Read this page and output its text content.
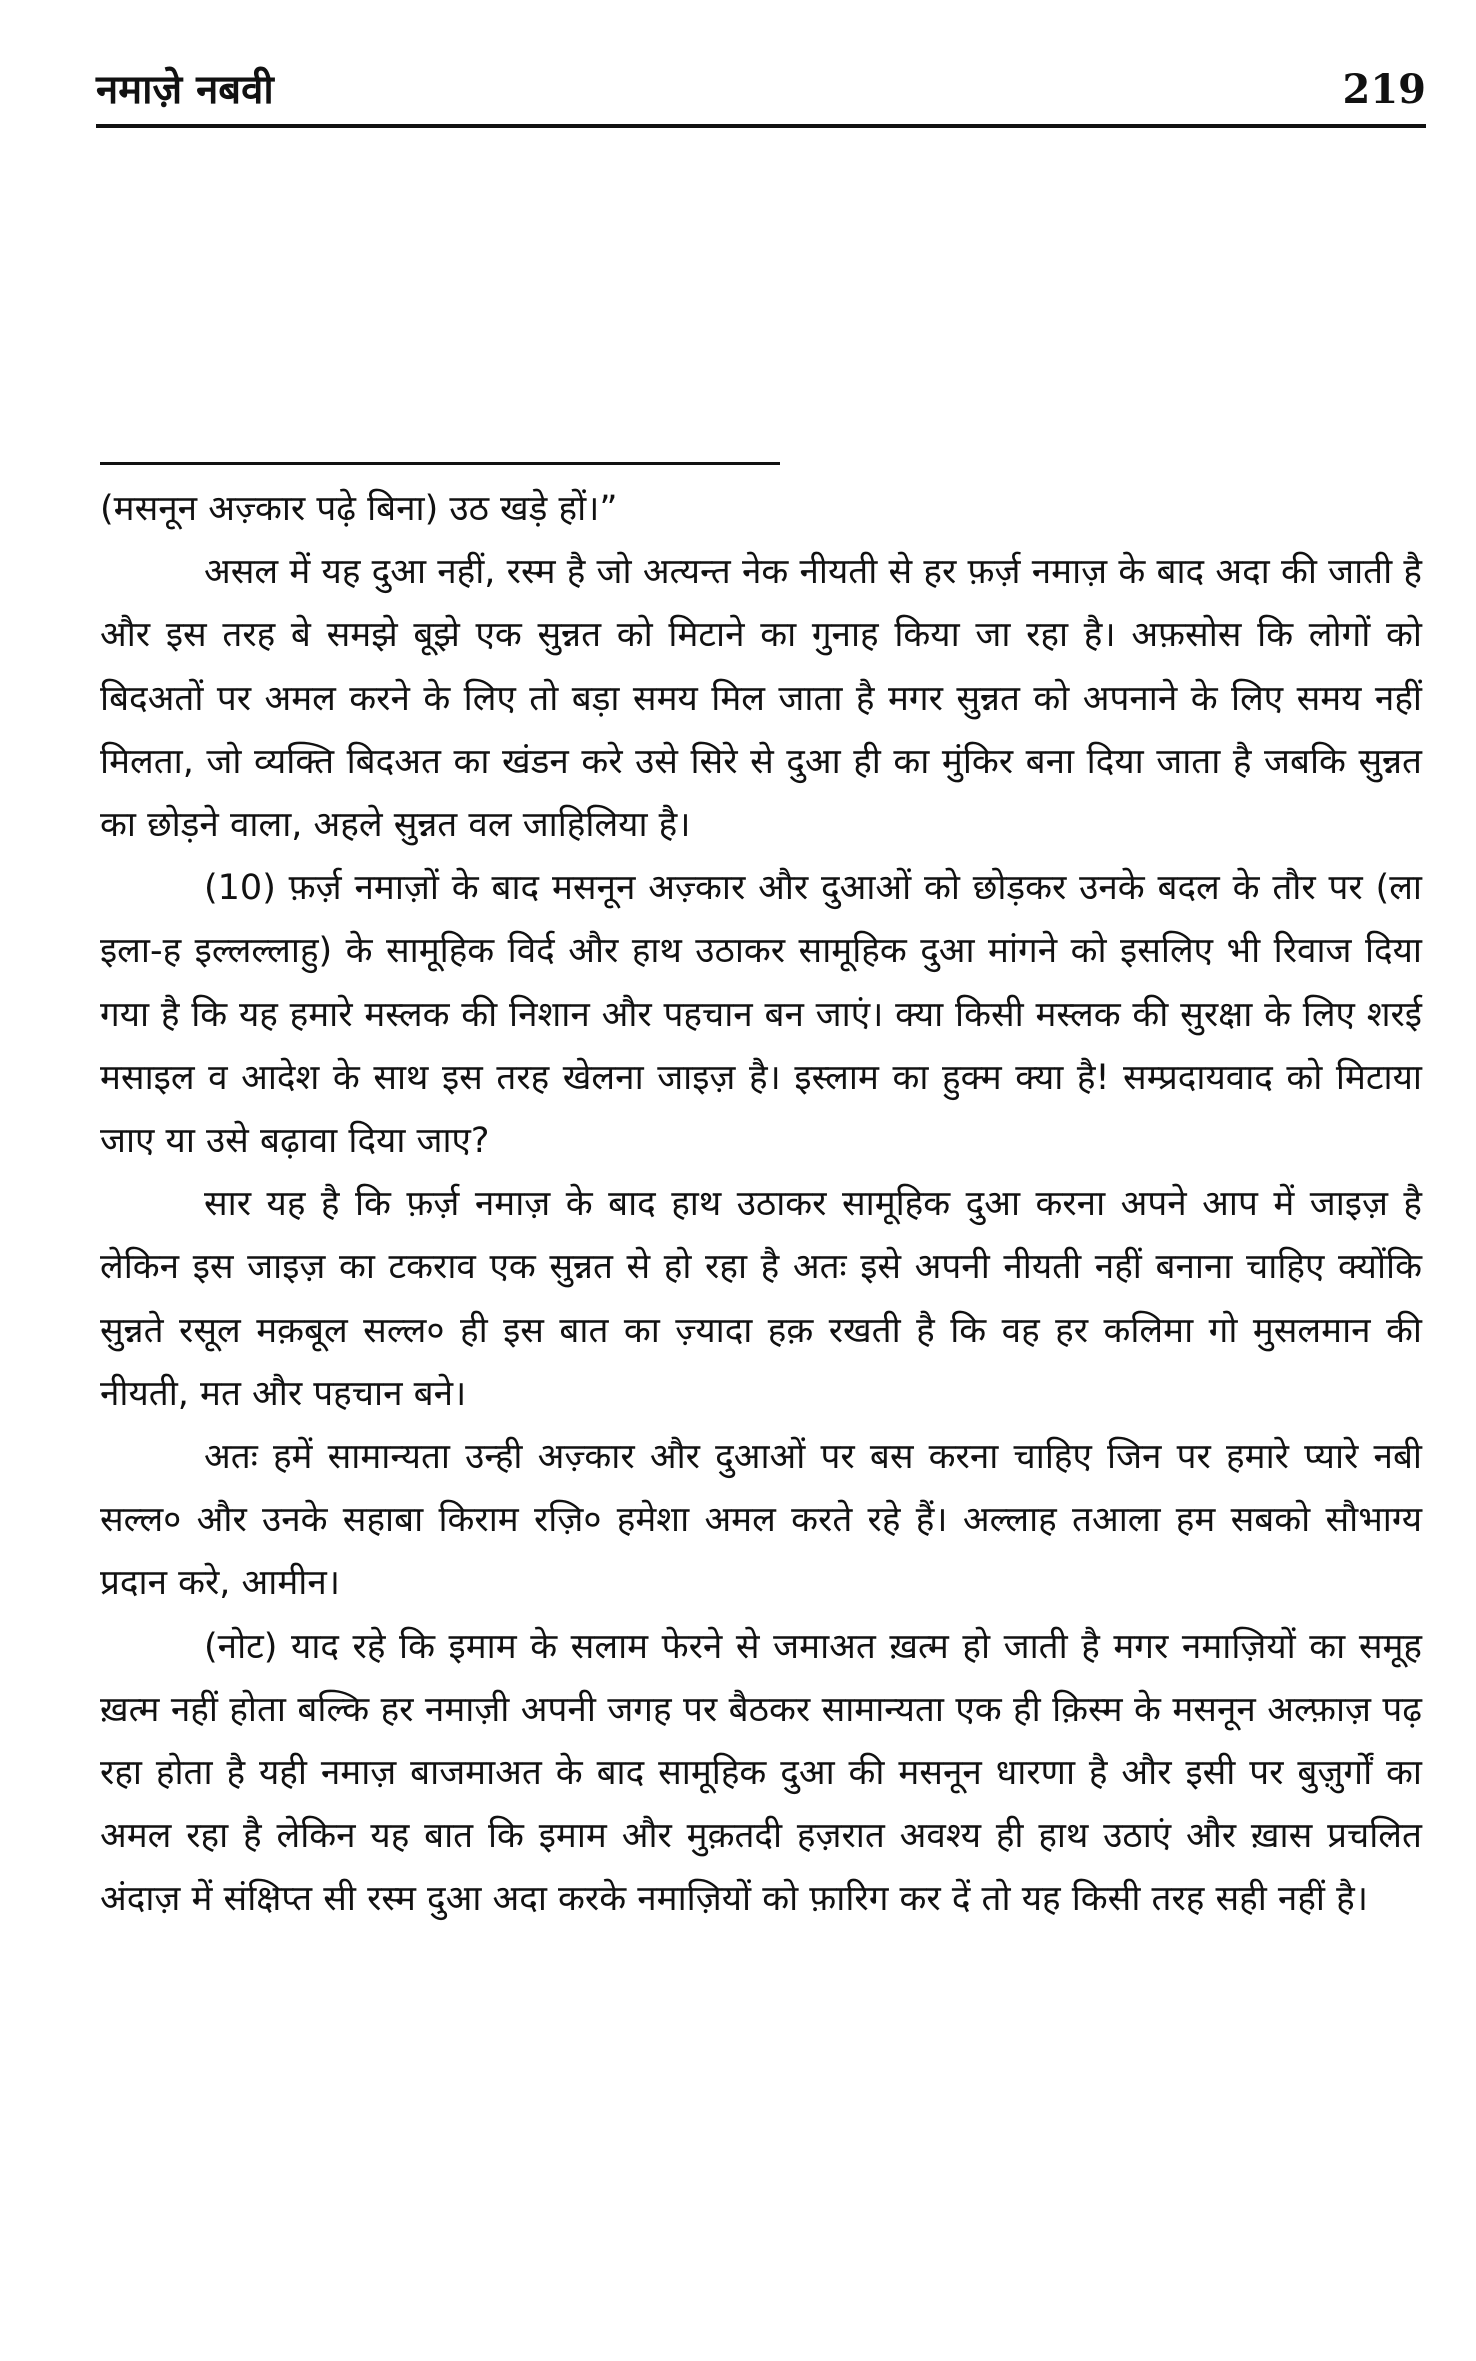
नमाज़े नबवी	219

(मसनून अज़्कार पढ़े बिना) उठ खड़े हों।”

असल में यह दुआ नहीं, रस्म है जो अत्यन्त नेक नीयती से हर फ़र्ज़ नमाज़ के बाद अदा की जाती है और इस तरह बे समझे बूझे एक सुन्नत को मिटाने का गुनाह किया जा रहा है। अफ़सोस कि लोगों को बिदअतों पर अमल करने के लिए तो बड़ा समय मिल जाता है मगर सुन्नत को अपनाने के लिए समय नहीं मिलता, जो व्यक्ति बिदअत का खंडन करे उसे सिरे से दुआ ही का मुंकिर बना दिया जाता है जबकि सुन्नत का छोड़ने वाला, अहले सुन्नत वल जाहिलिया है।

(10) फ़र्ज़ नमाज़ों के बाद मसनून अज़्कार और दुआओं को छोड़कर उनके बदल के तौर पर (ला इला-ह इल्लल्लाहु) के सामूहिक विर्द और हाथ उठाकर सामूहिक दुआ मांगने को इसलिए भी रिवाज दिया गया है कि यह हमारे मस्लक की निशान और पहचान बन जाएं। क्या किसी मस्लक की सुरक्षा के लिए शरई मसाइल व आदेश के साथ इस तरह खेलना जाइज़ है। इस्लाम का हुक्म क्या है! सम्प्रदायवाद को मिटाया जाए या उसे बढ़ावा दिया जाए?

सार यह है कि फ़र्ज़ नमाज़ के बाद हाथ उठाकर सामूहिक दुआ करना अपने आप में जाइज़ है लेकिन इस जाइज़ का टकराव एक सुन्नत से हो रहा है अतः इसे अपनी नीयती नहीं बनाना चाहिए क्योंकि सुन्नते रसूल मक़बूल सल्ल० ही इस बात का ज़्यादा हक़ रखती है कि वह हर कलिमा गो मुसलमान की नीयती, मत और पहचान बने।

अतः हमें सामान्यता उन्ही अज़्कार और दुआओं पर बस करना चाहिए जिन पर हमारे प्यारे नबी सल्ल० और उनके सहाबा किराम रज़ि० हमेशा अमल करते रहे हैं। अल्लाह तआला हम सबको सौभाग्य प्रदान करे, आमीन।

(नोट) याद रहे कि इमाम के सलाम फेरने से जमाअत ख़त्म हो जाती है मगर नमाज़ियों का समूह ख़त्म नहीं होता बल्कि हर नमाज़ी अपनी जगह पर बैठकर सामान्यता एक ही क़िस्म के मसनून अल्फ़ाज़ पढ़ रहा होता है यही नमाज़ बाजमाअत के बाद सामूहिक दुआ की मसनून धारणा है और इसी पर बुज़ुर्गों का अमल रहा है लेकिन यह बात कि इमाम और मुक़तदी हज़रात अवश्य ही हाथ उठाएं और ख़ास प्रचलित अंदाज़ में संक्षिप्त सी रस्म दुआ अदा करके नमाज़ियों को फ़ारिग कर दें तो यह किसी तरह सही नहीं है।
